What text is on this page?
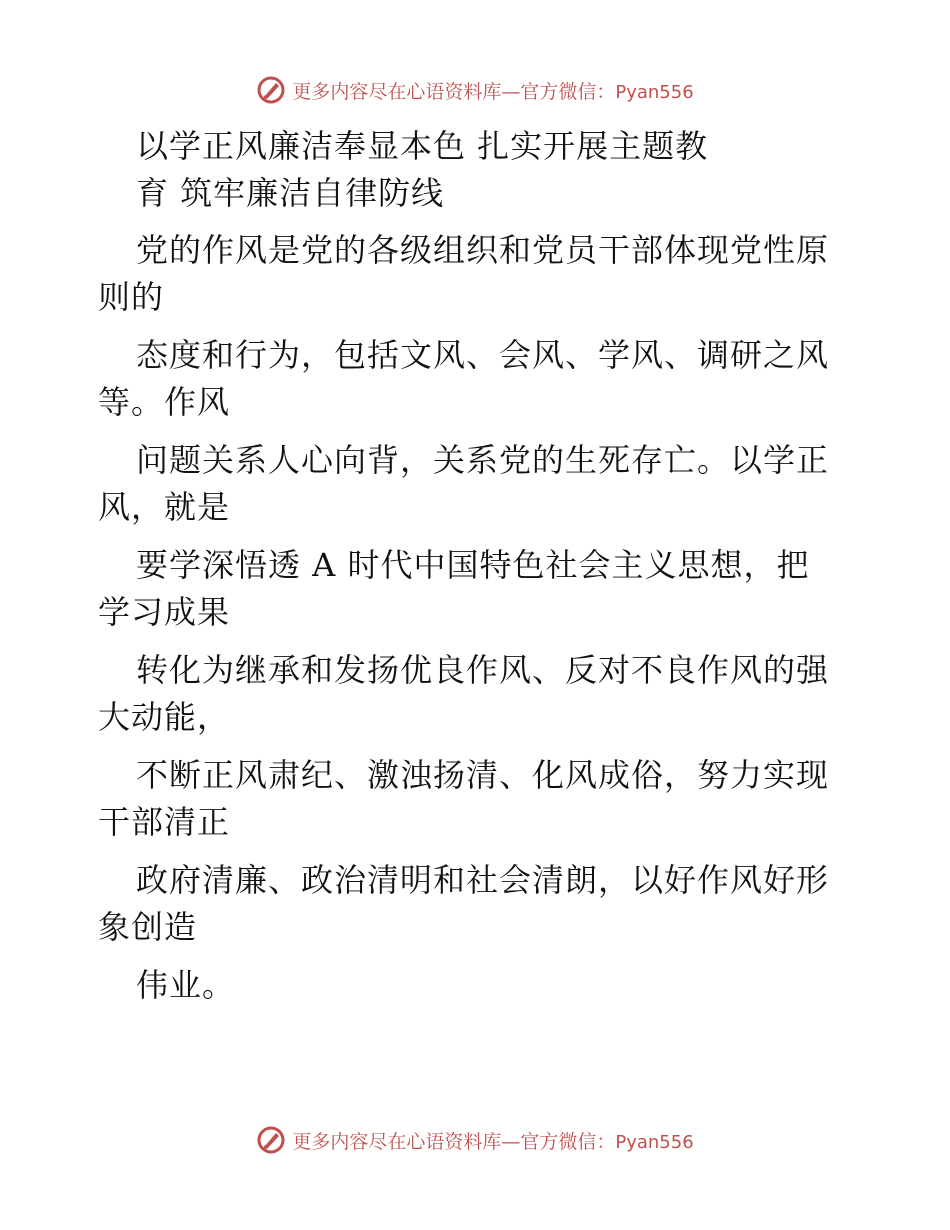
更多内容尽在心语资料库—官方微信：Pyan556
以学正风廉洁奉显本色 扎实开展主题教
育 筑牢廉洁自律防线
党的作风是党的各级组织和党员干部体现党性原
则的
态度和行为，包括文风、会风、学风、调研之风
等。作风
问题关系人心向背，关系党的生死存亡。以学正
风，就是
要学深悟透 A 时代中国特色社会主义思想，把
学习成果
转化为继承和发扬优良作风、反对不良作风的强
大动能，
不断正风肃纪、激浊扬清、化风成俗，努力实现
干部清正
政府清廉、政治清明和社会清朗，以好作风好形
象创造
伟业。
更多内容尽在心语资料库—官方微信：Pyan556
